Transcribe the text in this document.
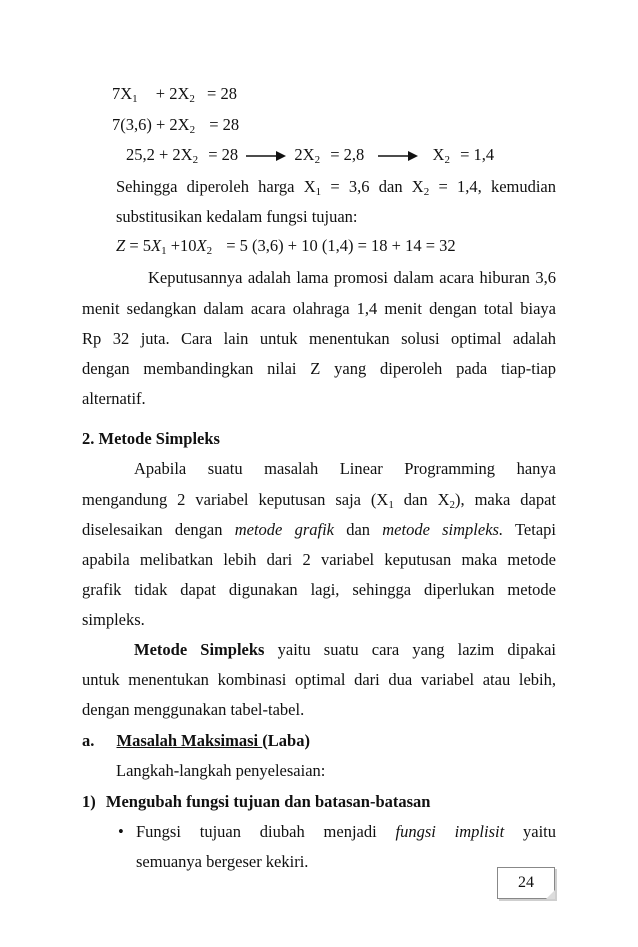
$7X_1 + 2X_2 = 28$
$7(3,6) + 2X_2 = 28$
$25,2 + 2X_2 = 28$	$2X_2 = 2,8$	$X_2 = 1,4$
Sehingga diperoleh harga $X_1 = 3,6$ dan $X_2 = 1,4$, kemudian
substitusikan kedalam fungsi tujuan:
$Z = 5X_1 +10X_2 = 5$ (3,6) + 10 (1,4) = 18 + 14 = 32
Keputusannya adalah lama promosi dalam acara hiburan 3,6
menit sedangkan dalam acara olahraga 1,4 menit dengan total biaya
Rp 32 juta. Cara lain untuk menentukan solusi optimal adalah
dengan membandingkan nilai Z yang diperoleh pada tiap-tiap
alternatif.
2. Metode Simpleks
Apabila suatu masalah Linear Programming hanya
mengandung 2 variabel keputusan saja ($X_1$ dan $X_2$), maka dapat
diselesaikan dengan metode grafik dan metode simpleks. Tetapi
apabila melibatkan lebih dari 2 variabel keputusan maka metode
grafik tidak dapat digunakan lagi, sehingga diperlukan metode
simpleks.
Metode Simpleks yaitu suatu cara yang lazim dipakai
untuk menentukan kombinasi optimal dari dua variabel atau lebih,
dengan menggunakan tabel-tabel.
a. Masalah Maksimasi (Laba)
Langkah-langkah penyelesaian:
1) Mengubah fungsi tujuan dan batasan-batasan
• Fungsi tujuan diubah menjadi fungsi implisit yaitu
semuanya bergeser kekiri.
24
